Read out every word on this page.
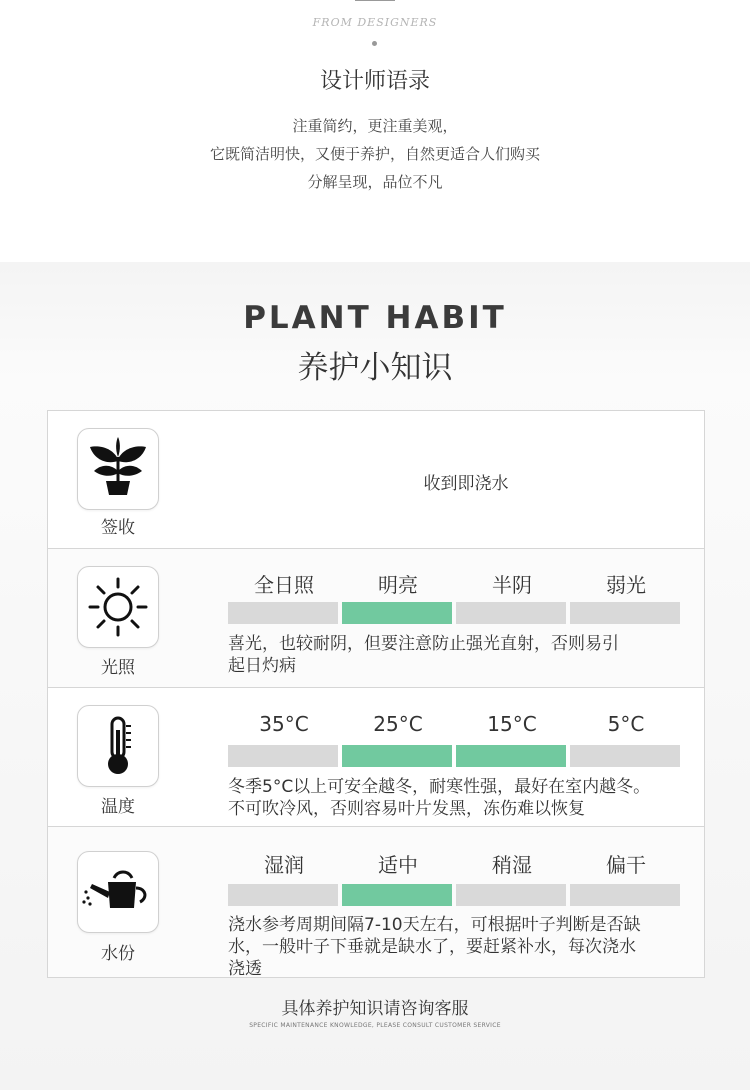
FROM DESIGNERS
设计师语录
注重简约，更注重美观，
它既简洁明快，又便于养护，自然更适合人们购买
分解呈现，品位不凡
PLANT HABIT
养护小知识
签收
收到即浇水
光照
全日照	明亮	半阴	弱光
喜光，也较耐阴，但要注意防止强光直射，否则易引
起日灼病
温度
35°C	25°C	15°C	5°C
冬季5°C以上可安全越冬，耐寒性强，最好在室内越冬。
不可吹冷风，否则容易叶片发黑，冻伤难以恢复
水份
湿润	适中	稍湿	偏干
浇水参考周期间隔7-10天左右，可根据叶子判断是否缺
水，一般叶子下垂就是缺水了，要赶紧补水，每次浇水
浇透
具体养护知识请咨询客服
SPECIFIC MAINTENANCE KNOWLEDGE, PLEASE CONSULT CUSTOMER SERVICE
